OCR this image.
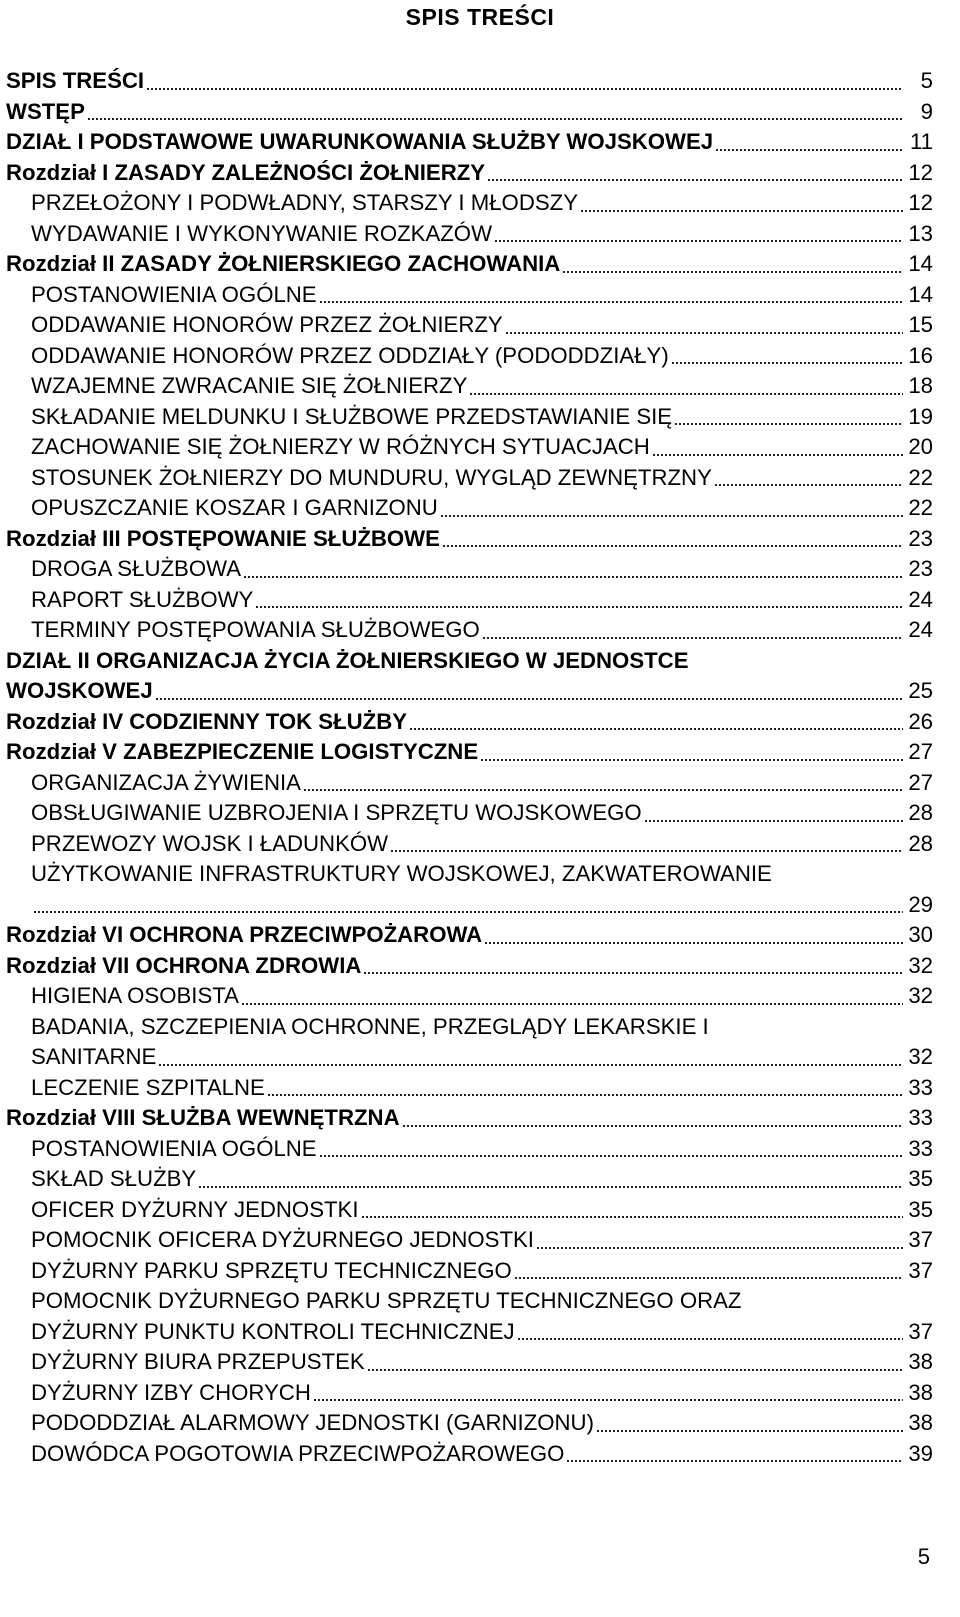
SPIS TREŚCI
SPIS TREŚCI	5
WSTĘP	9
DZIAŁ I PODSTAWOWE UWARUNKOWANIA SŁUŻBY WOJSKOWEJ	11
Rozdział I ZASADY ZALEŻNOŚCI ŻOŁNIERZY	12
PRZEŁOŻONY I PODWŁADNY, STARSZY I MŁODSZY	12
WYDAWANIE I WYKONYWANIE ROZKAZÓW	13
Rozdział II ZASADY ŻOŁNIERSKIEGO ZACHOWANIA	14
POSTANOWIENIA OGÓLNE	14
ODDAWANIE HONORÓW PRZEZ ŻOŁNIERZY	15
ODDAWANIE HONORÓW PRZEZ ODDZIAŁY (PODODDZIAŁY)	16
WZAJEMNE ZWRACANIE SIĘ ŻOŁNIERZY	18
SKŁADANIE MELDUNKU I SŁUŻBOWE PRZEDSTAWIANIE SIĘ	19
ZACHOWANIE SIĘ ŻOŁNIERZY W RÓŻNYCH SYTUACJACH	20
STOSUNEK ŻOŁNIERZY DO MUNDURU, WYGLĄD ZEWNĘTRZNY	22
OPUSZCZANIE KOSZAR I GARNIZONU	22
Rozdział III POSTĘPOWANIE SŁUŻBOWE	23
DROGA SŁUŻBOWA	23
RAPORT SŁUŻBOWY	24
TERMINY POSTĘPOWANIA SŁUŻBOWEGO	24
DZIAŁ II ORGANIZACJA ŻYCIA ŻOŁNIERSKIEGO W JEDNOSTCE
WOJSKOWEJ	25
Rozdział IV CODZIENNY TOK SŁUŻBY	26
Rozdział V ZABEZPIECZENIE LOGISTYCZNE	27
ORGANIZACJA ŻYWIENIA	27
OBSŁUGIWANIE UZBROJENIA I SPRZĘTU WOJSKOWEGO	28
PRZEWOZY WOJSK I ŁADUNKÓW	28
UŻYTKOWANIE INFRASTRUKTURY WOJSKOWEJ, ZAKWATEROWANIE
29
Rozdział VI OCHRONA PRZECIWPOŻAROWA	30
Rozdział VII OCHRONA ZDROWIA	32
HIGIENA OSOBISTA	32
BADANIA, SZCZEPIENIA OCHRONNE, PRZEGLĄDY LEKARSKIE I
SANITARNE	32
LECZENIE SZPITALNE	33
Rozdział VIII SŁUŻBA WEWNĘTRZNA	33
POSTANOWIENIA OGÓLNE	33
SKŁAD SŁUŻBY	35
OFICER DYŻURNY JEDNOSTKI	35
POMOCNIK OFICERA DYŻURNEGO JEDNOSTKI	37
DYŻURNY PARKU SPRZĘTU TECHNICZNEGO	37
POMOCNIK DYŻURNEGO PARKU SPRZĘTU TECHNICZNEGO ORAZ
DYŻURNY PUNKTU KONTROLI TECHNICZNEJ	37
DYŻURNY BIURA PRZEPUSTEK	38
DYŻURNY IZBY CHORYCH	38
PODODDZIAŁ ALARMOWY JEDNOSTKI (GARNIZONU)	38
DOWÓDCA POGOTOWIA PRZECIWPOŻAROWEGO	39
5
